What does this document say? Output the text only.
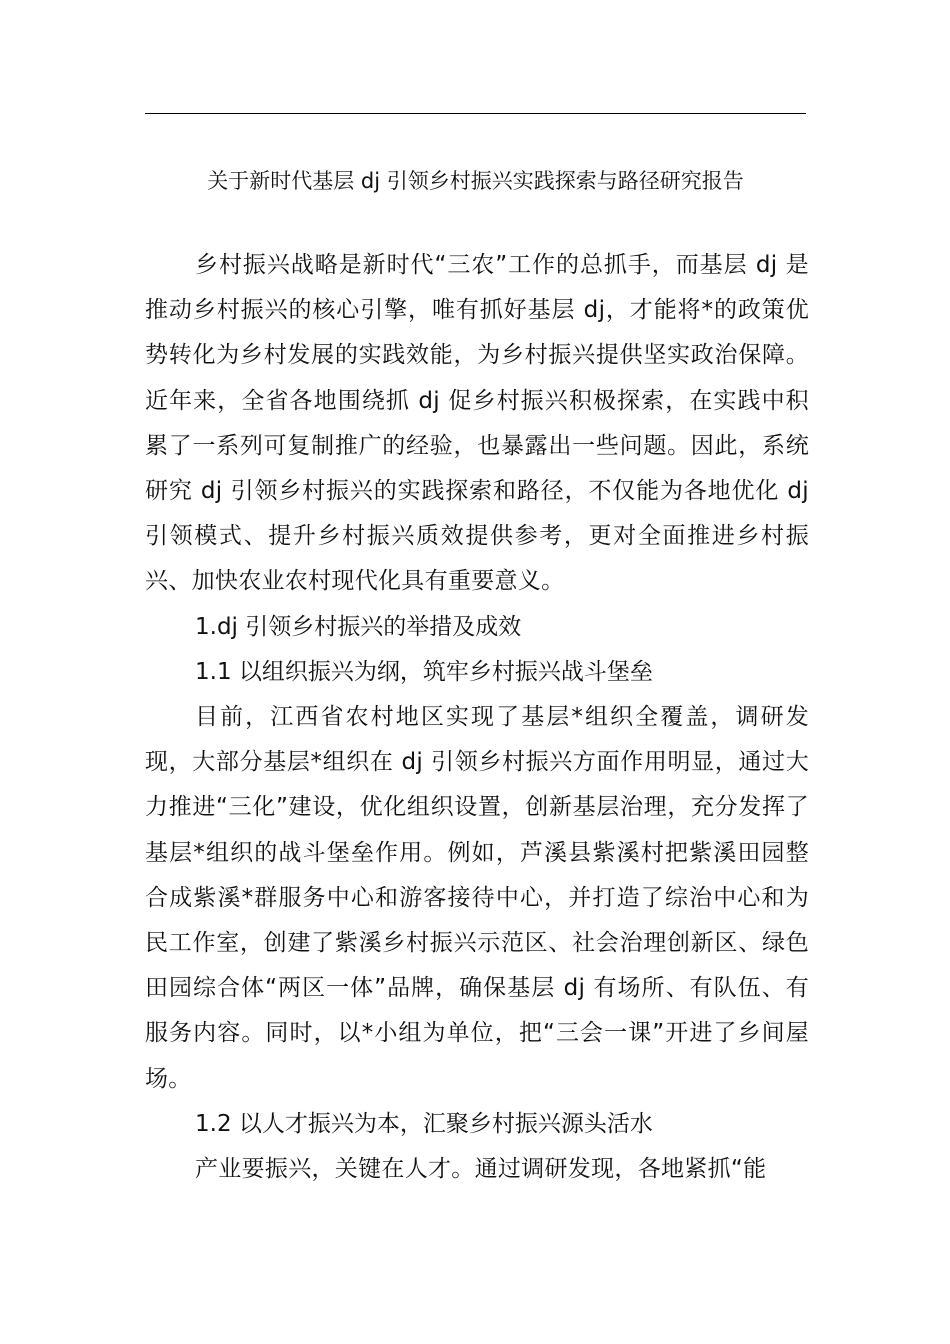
关于新时代基层 dj 引领乡村振兴实践探索与路径研究报告

乡村振兴战略是新时代“三农”工作的总抓手，而基层 dj 是推动乡村振兴的核心引擎，唯有抓好基层 dj，才能将*的政策优势转化为乡村发展的实践效能，为乡村振兴提供坚实政治保障。近年来，全省各地围绕抓 dj 促乡村振兴积极探索，在实践中积累了一系列可复制推广的经验，也暴露出一些问题。因此，系统研究 dj 引领乡村振兴的实践探索和路径，不仅能为各地优化 dj 引领模式、提升乡村振兴质效提供参考，更对全面推进乡村振兴、加快农业农村现代化具有重要意义。

1.dj 引领乡村振兴的举措及成效

1.1 以组织振兴为纲，筑牢乡村振兴战斗堡垒

目前，江西省农村地区实现了基层*组织全覆盖，调研发现，大部分基层*组织在 dj 引领乡村振兴方面作用明显，通过大力推进“三化”建设，优化组织设置，创新基层治理，充分发挥了基层*组织的战斗堡垒作用。例如，芦溪县紫溪村把紫溪田园整合成紫溪*群服务中心和游客接待中心，并打造了综治中心和为民工作室，创建了紫溪乡村振兴示范区、社会治理创新区、绿色田园综合体“两区一体”品牌，确保基层 dj 有场所、有队伍、有服务内容。同时，以*小组为单位，把“三会一课”开进了乡间屋场。

1.2 以人才振兴为本，汇聚乡村振兴源头活水

产业要振兴，关键在人才。通过调研发现，各地紧抓“能
